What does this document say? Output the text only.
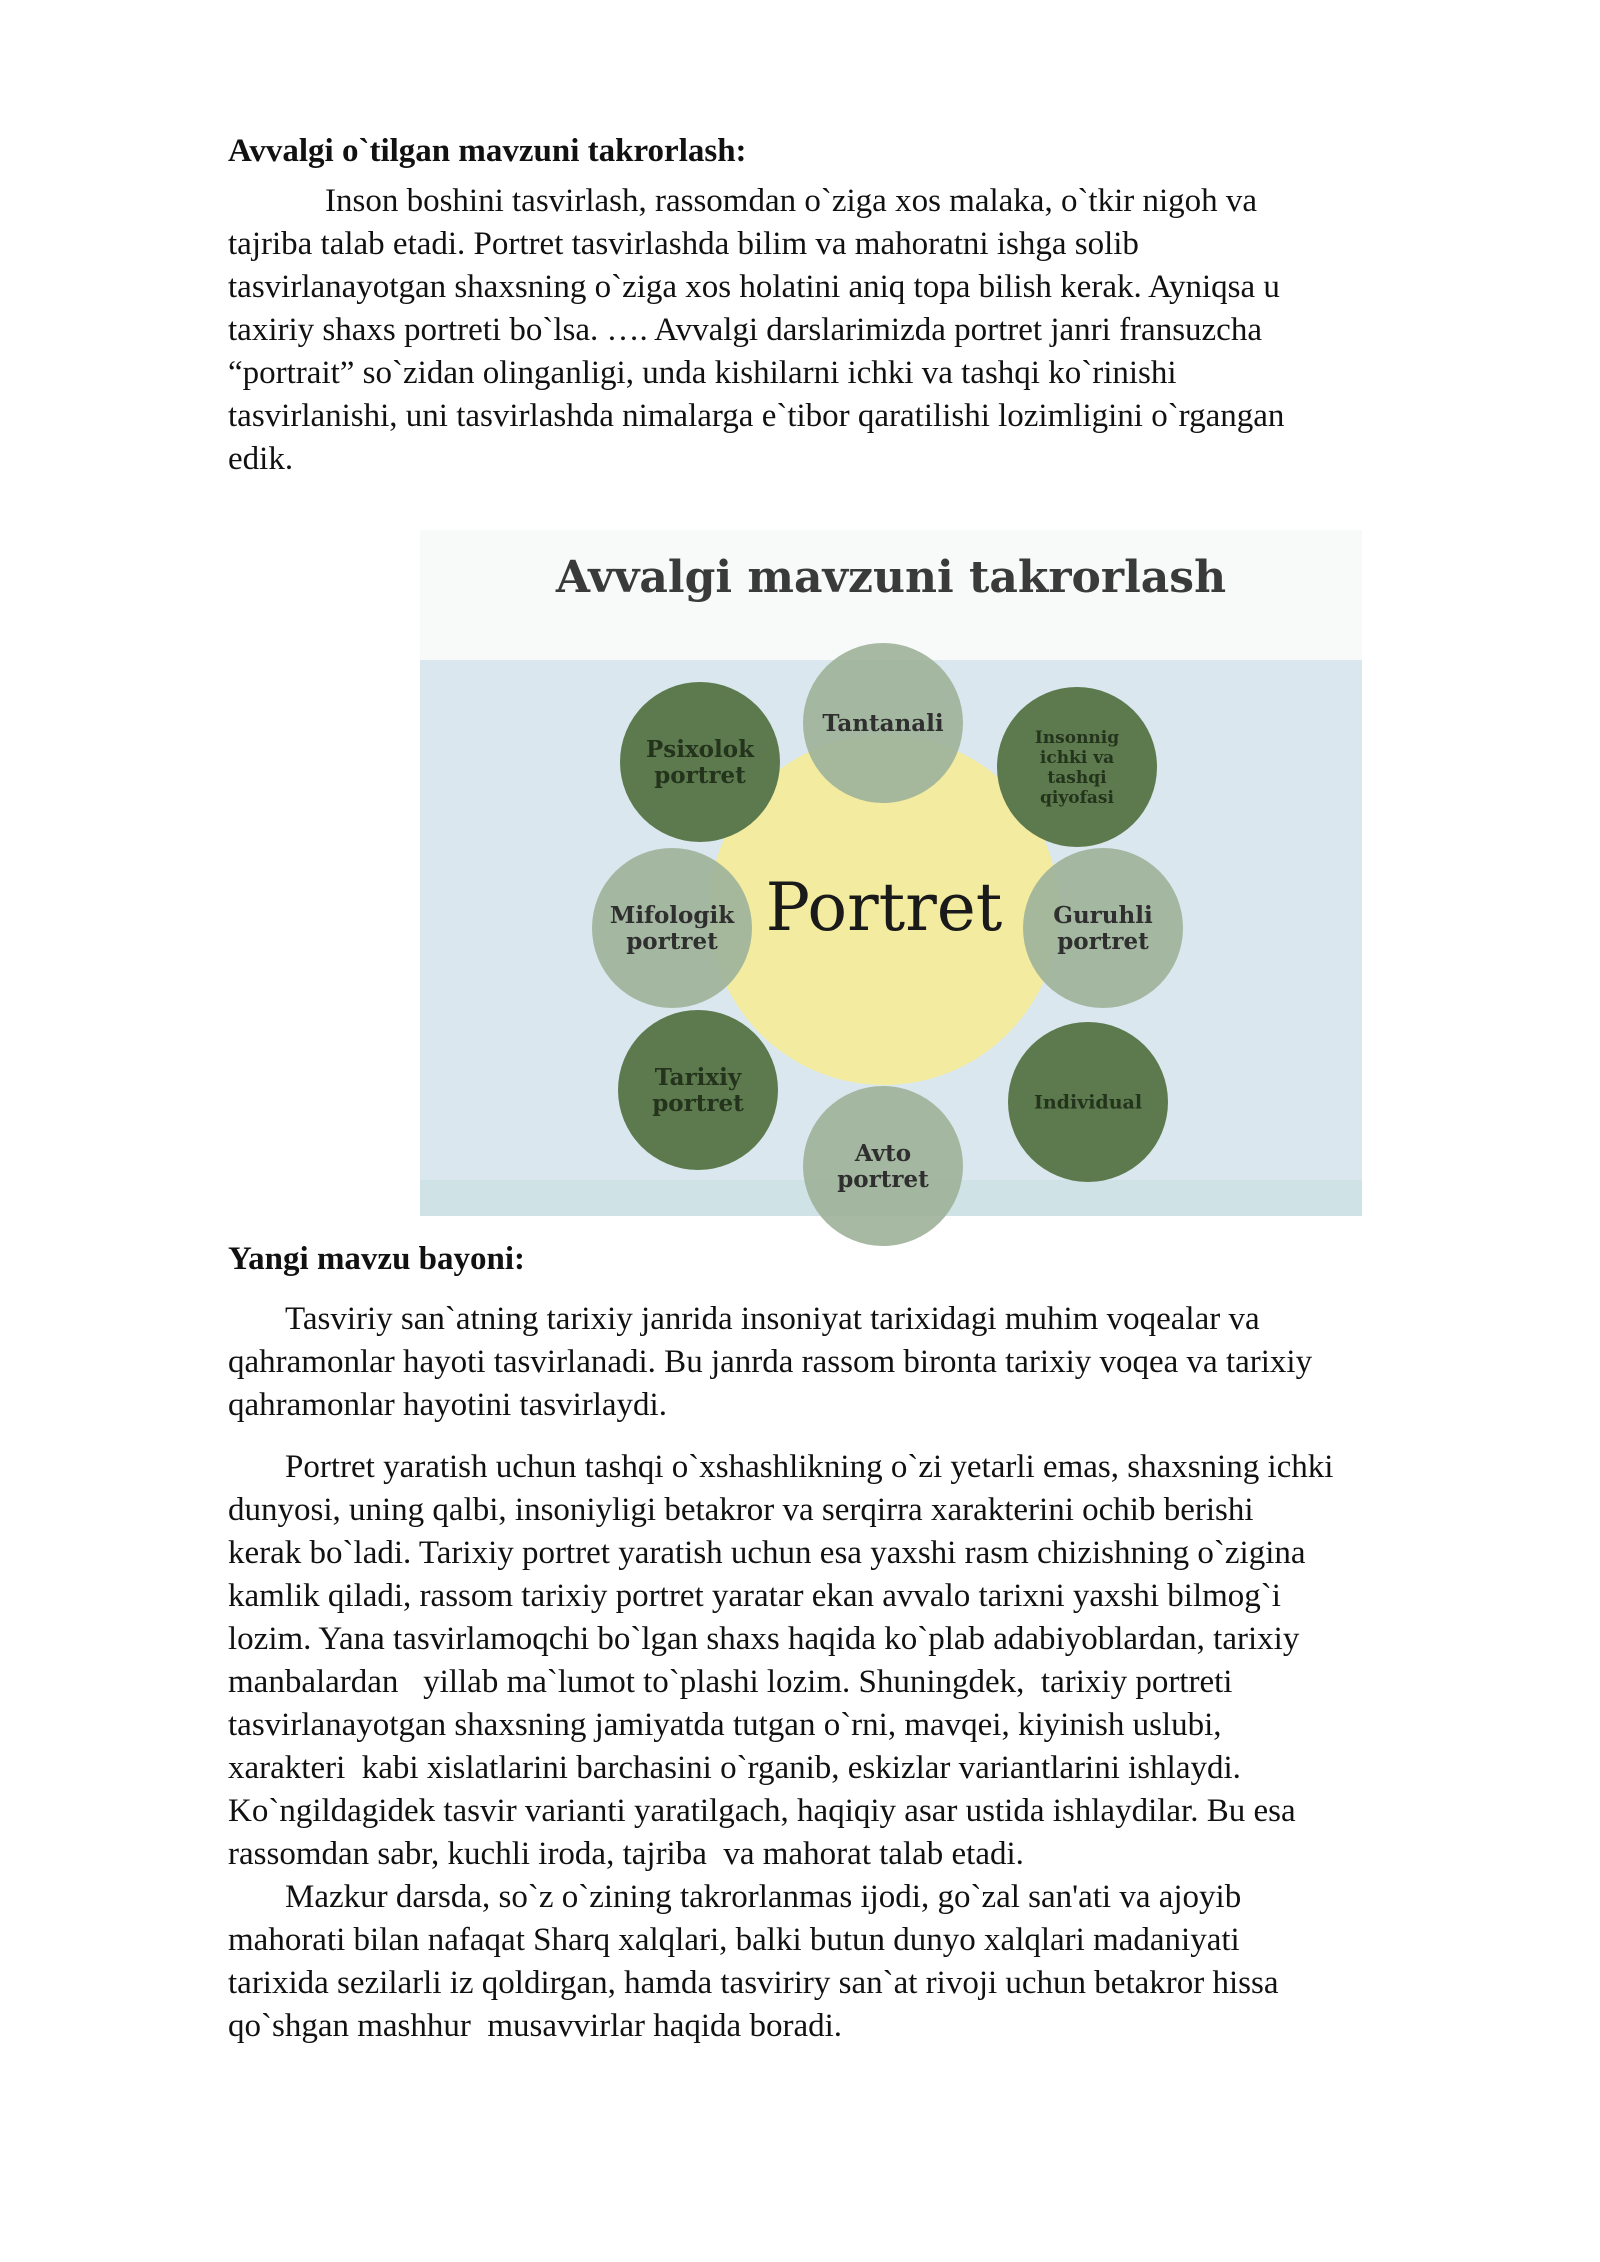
Avvalgi o`tilgan mavzuni takrorlash:
Inson boshini tasvirlash, rassomdan o`ziga xos malaka, o`tkir nigoh va
tajriba talab etadi. Portret tasvirlashda bilim va mahoratni ishga solib
tasvirlanayotgan shaxsning o`ziga xos holatini aniq topa bilish kerak. Ayniqsa u
taxiriy shaxs portreti bo`lsa. …. Avvalgi darslarimizda portret janri fransuzcha
“portrait” so`zidan olinganligi, unda kishilarni ichki va tashqi ko`rinishi
tasvirlanishi, uni tasvirlashda nimalarga e`tibor qaratilishi lozimligini o`rgangan
edik.
Avvalgi mavzuni takrorlash
Tantanali
Insonnig
ichki va
tashqi
qiyofasi
Guruhli
portret
Individual
Avto
portret
Tarixiy
portret
Mifologik
portret
Psixolok
portret
Portret
Yangi mavzu bayoni:
Tasviriy san`atning tarixiy janrida insoniyat tarixidagi muhim voqealar va
qahramonlar hayoti tasvirlanadi. Bu janrda rassom bironta tarixiy voqea va tarixiy
qahramonlar hayotini tasvirlaydi.
Portret yaratish uchun tashqi o`xshashlikning o`zi yetarli emas, shaxsning ichki
dunyosi, uning qalbi, insoniyligi betakror va serqirra xarakterini ochib berishi
kerak bo`ladi. Tarixiy portret yaratish uchun esa yaxshi rasm chizishning o`zigina
kamlik qiladi, rassom tarixiy portret yaratar ekan avvalo tarixni yaxshi bilmog`i
lozim. Yana tasvirlamoqchi bo`lgan shaxs haqida ko`plab adabiyoblardan, tarixiy
manbalardan   yillab ma`lumot to`plashi lozim. Shuningdek,  tarixiy portreti
tasvirlanayotgan shaxsning jamiyatda tutgan o`rni, mavqei, kiyinish uslubi,
xarakteri  kabi xislatlarini barchasini o`rganib, eskizlar variantlarini ishlaydi.
Ko`ngildagidek tasvir varianti yaratilgach, haqiqiy asar ustida ishlaydilar. Bu esa
rassomdan sabr, kuchli iroda, tajriba  va mahorat talab etadi.
Mazkur darsda, so`z o`zining takrorlanmas ijodi, go`zal san'ati va ajoyib
mahorati bilan nafaqat Sharq xalqlari, balki butun dunyo xalqlari madaniyati
tarixida sezilarli iz qoldirgan, hamda tasviriry san`at rivoji uchun betakror hissa
qo`shgan mashhur  musavvirlar haqida boradi.
